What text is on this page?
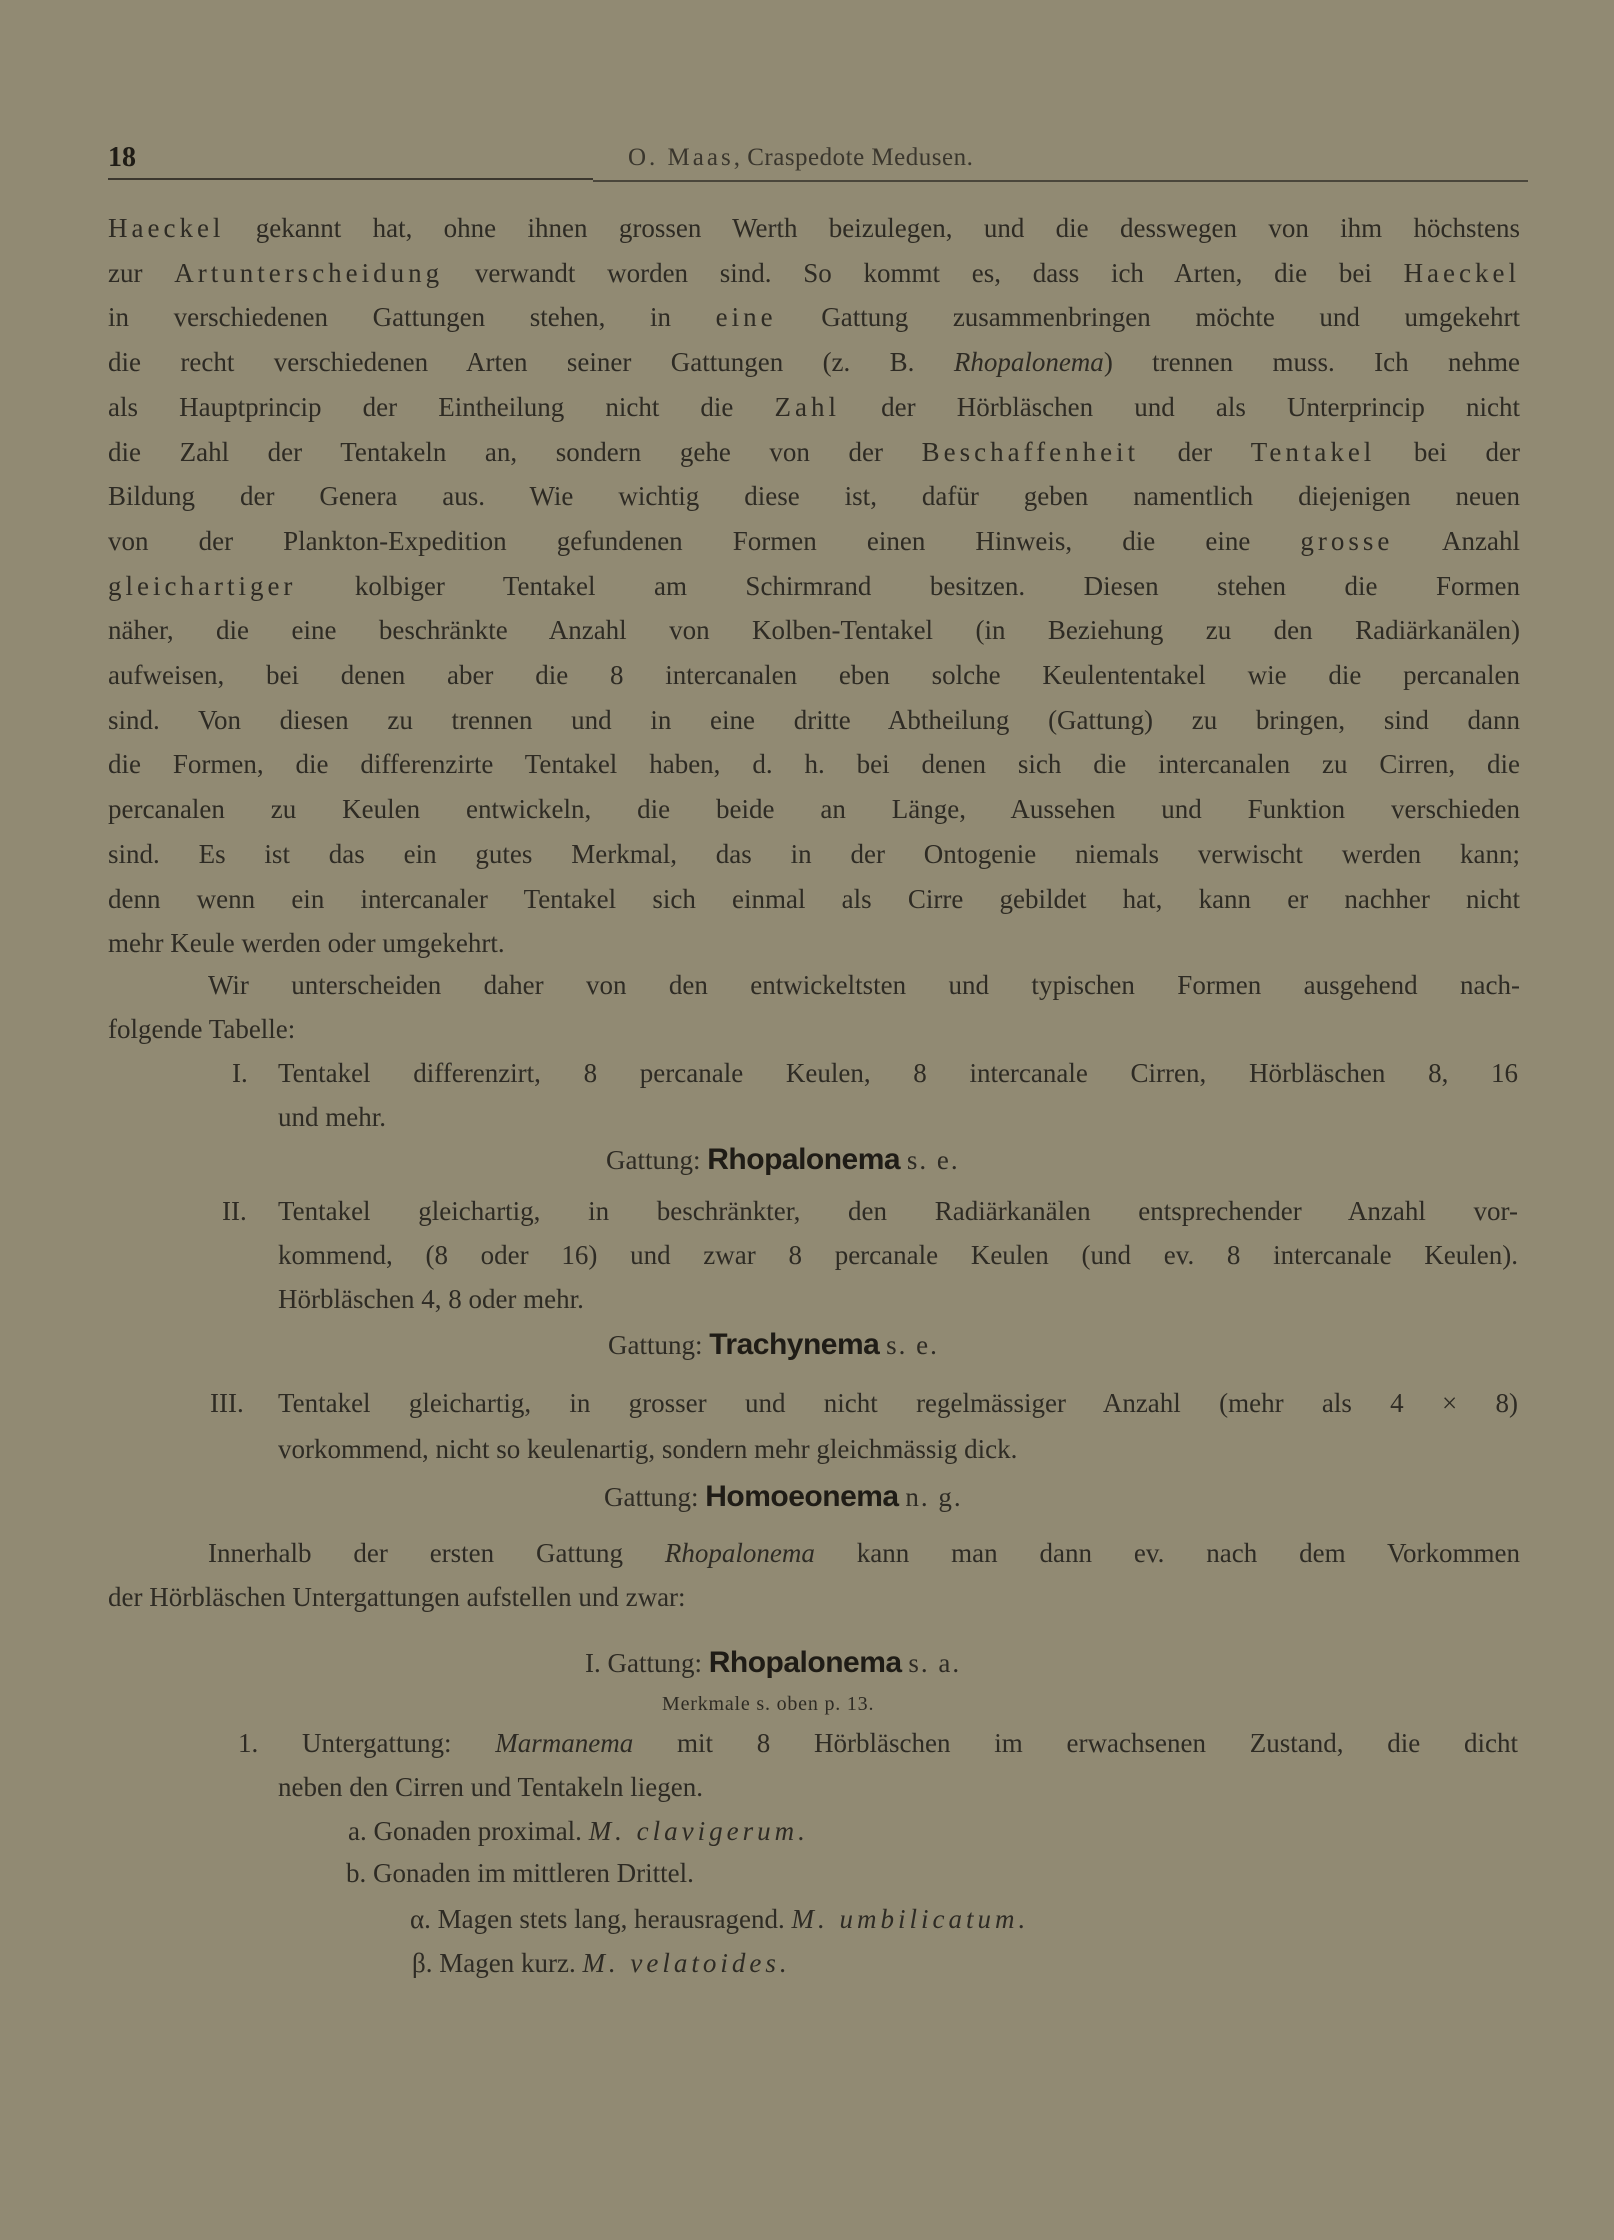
18	O. Maas, Craspedote Medusen.
Haeckel gekannt hat, ohne ihnen grossen Werth beizulegen, und die desswegen von ihm höchstens
zur Artunterscheidung verwandt worden sind. So kommt es, dass ich Arten, die bei Haeckel
in verschiedenen Gattungen stehen, in eine Gattung zusammenbringen möchte und umgekehrt
die recht verschiedenen Arten seiner Gattungen (z. B. Rhopalonema) trennen muss. Ich nehme
als Hauptprincip der Eintheilung nicht die Zahl der Hörbläschen und als Unterprincip nicht
die Zahl der Tentakeln an, sondern gehe von der Beschaffenheit der Tentakel bei der
Bildung der Genera aus. Wie wichtig diese ist, dafür geben namentlich diejenigen neuen
von der Plankton-Expedition gefundenen Formen einen Hinweis, die eine grosse Anzahl
gleichartiger kolbiger Tentakel am Schirmrand besitzen. Diesen stehen die Formen
näher, die eine beschränkte Anzahl von Kolben-Tentakel (in Beziehung zu den Radiärkanälen)
aufweisen, bei denen aber die 8 intercanalen eben solche Keulententakel wie die percanalen
sind. Von diesen zu trennen und in eine dritte Abtheilung (Gattung) zu bringen, sind dann
die Formen, die differenzirte Tentakel haben, d. h. bei denen sich die intercanalen zu Cirren, die
percanalen zu Keulen entwickeln, die beide an Länge, Aussehen und Funktion verschieden
sind. Es ist das ein gutes Merkmal, das in der Ontogenie niemals verwischt werden kann;
denn wenn ein intercanaler Tentakel sich einmal als Cirre gebildet hat, kann er nachher nicht
mehr Keule werden oder umgekehrt.
Wir unterscheiden daher von den entwickeltsten und typischen Formen ausgehend nach-
folgende Tabelle:
I. Tentakel differenzirt, 8 percanale Keulen, 8 intercanale Cirren, Hörbläschen 8, 16
und mehr.
Gattung: Rhopalonema s. e.
II. Tentakel gleichartig, in beschränkter, den Radiärkanälen entsprechender Anzahl vor-
kommend, (8 oder 16) und zwar 8 percanale Keulen (und ev. 8 intercanale Keulen).
Hörbläschen 4, 8 oder mehr.
Gattung: Trachynema s. e.
III. Tentakel gleichartig, in grosser und nicht regelmässiger Anzahl (mehr als 4 × 8)
vorkommend, nicht so keulenartig, sondern mehr gleichmässig dick.
Gattung: Homoeonema n. g.
Innerhalb der ersten Gattung Rhopalonema kann man dann ev. nach dem Vorkommen
der Hörbläschen Untergattungen aufstellen und zwar:
I. Gattung: Rhopalonema s. a.
Merkmale s. oben p. 13.
1. Untergattung: Marmanema mit 8 Hörbläschen im erwachsenen Zustand, die dicht
neben den Cirren und Tentakeln liegen.
a. Gonaden proximal. M. clavigerum.
b. Gonaden im mittleren Drittel.
α. Magen stets lang, herausragend. M. umbilicatum.
β. Magen kurz. M. velatoides.
